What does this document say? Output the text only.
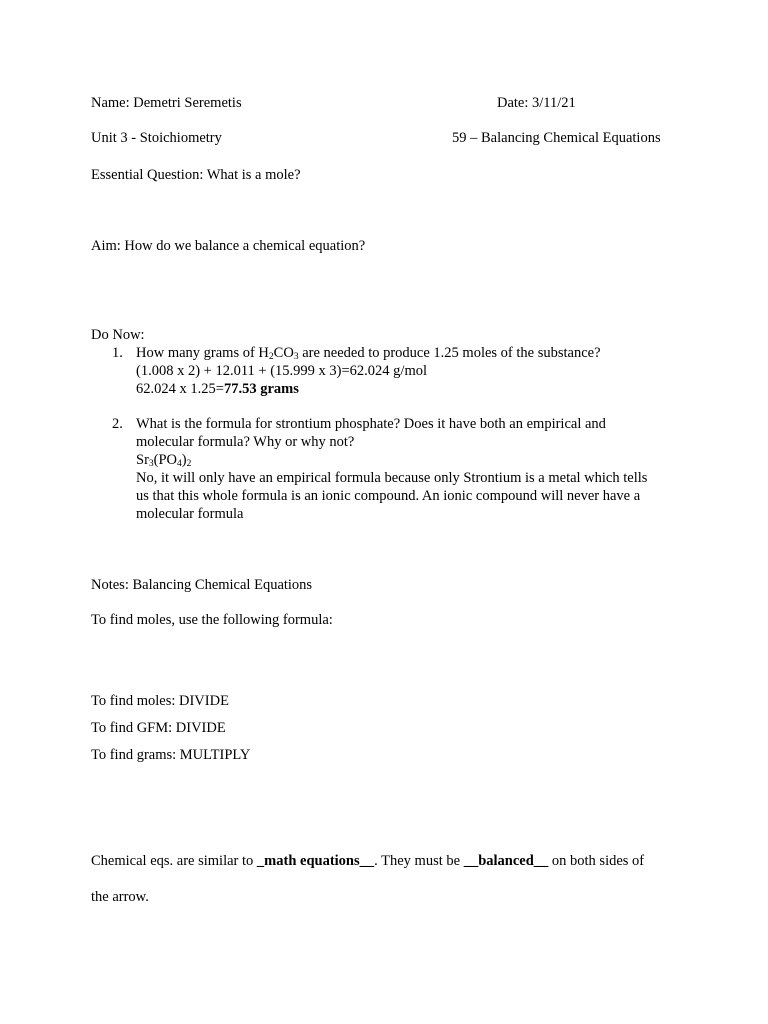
Name: Demetri Seremetis	Date: 3/11/21
Unit 3 - Stoichiometry	59 – Balancing Chemical Equations
Essential Question: What is a mole?
Aim: How do we balance a chemical equation?
Do Now:
1. How many grams of $H_2CO_3$ are needed to produce 1.25 moles of the substance?
(1.008 x 2) + 12.011 + (15.999 x 3)=62.024 g/mol
62.024 x 1.25=77.53 grams
2. What is the formula for strontium phosphate? Does it have both an empirical and
molecular formula? Why or why not?
$Sr_3(PO_4)_2$
No, it will only have an empirical formula because only Strontium is a metal which tells
us that this whole formula is an ionic compound. An ionic compound will never have a
molecular formula
Notes: Balancing Chemical Equations
To find moles, use the following formula:
To find moles: DIVIDE
To find GFM: DIVIDE
To find grams: MULTIPLY
Chemical eqs. are similar to _math equations__. They must be __balanced__ on both sides of
the arrow.
